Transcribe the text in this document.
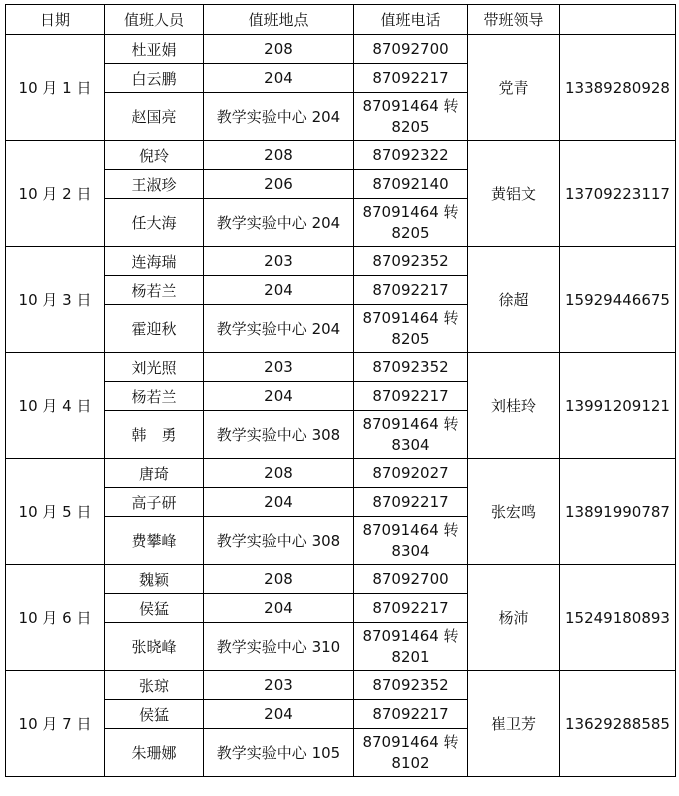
日期	值班人员	值班地点	值班电话	带班领导	
10 月 1 日	杜亚娟	208	87092700	党青	13389280928
	白云鹏	204	87092217		
	赵国亮	教学实验中心 204	87091464 转 8205		
10 月 2 日	倪玲	208	87092322	黄铝文	13709223117
	王淑珍	206	87092140		
	任大海	教学实验中心 204	87091464 转 8205		
10 月 3 日	连海瑞	203	87092352	徐超	15929446675
	杨若兰	204	87092217		
	霍迎秋	教学实验中心 204	87091464 转 8205		
10 月 4 日	刘光照	203	87092352	刘桂玲	13991209121
	杨若兰	204	87092217		
	韩　勇	教学实验中心 308	87091464 转 8304		
10 月 5 日	唐琦	208	87092027	张宏鸣	13891990787
	高子研	204	87092217		
	费攀峰	教学实验中心 308	87091464 转 8304		
10 月 6 日	魏颖	208	87092700	杨沛	15249180893
	侯猛	204	87092217		
	张晓峰	教学实验中心 310	87091464 转 8201		
10 月 7 日	张琼	203	87092352	崔卫芳	13629288585
	侯猛	204	87092217		
	朱珊娜	教学实验中心 105	87091464 转 8102		
